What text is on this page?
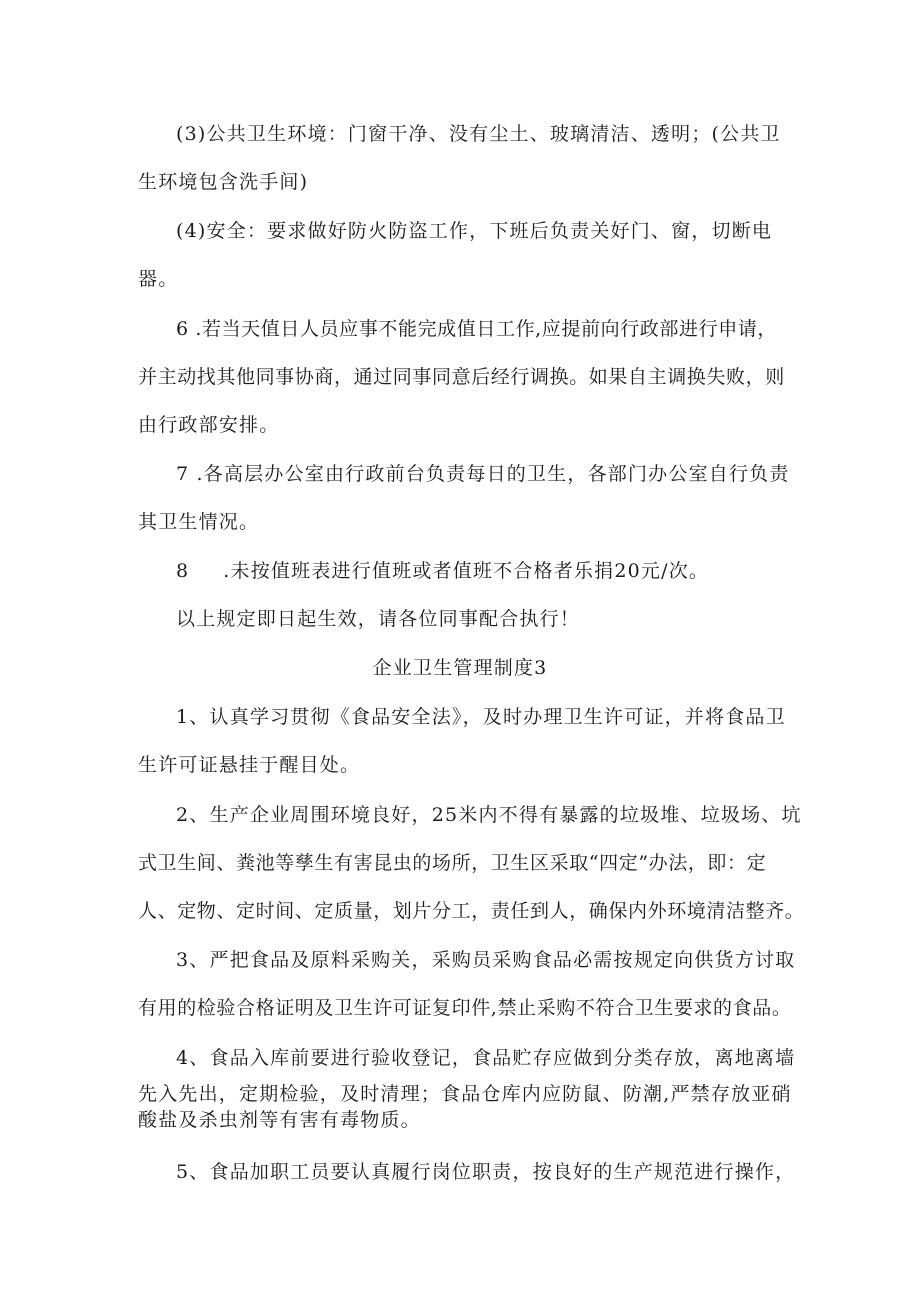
(3)公共卫生环境：门窗干净、没有尘土、玻璃清洁、透明；(公共卫
生环境包含洗手间)
(4)安全：要求做好防火防盗工作，下班后负责关好门、窗，切断电
器。
6 .若当天值日人员应事不能完成值日工作,应提前向行政部进行申请，
并主动找其他同事协商，通过同事同意后经行调换。如果自主调换失败，则
由行政部安排。
7 .各高层办公室由行政前台负责每日的卫生，各部门办公室自行负责
其卫生情况。
8 .未按值班表进行值班或者值班不合格者乐捐20元/次。
以上规定即日起生效，请各位同事配合执行！
企业卫生管理制度3
1、认真学习贯彻《食品安全法》，及时办理卫生许可证，并将食品卫
生许可证悬挂于醒目处。
2、生产企业周围环境良好，25米内不得有暴露的垃圾堆、垃圾场、坑
式卫生间、粪池等孳生有害昆虫的场所，卫生区采取“四定”办法，即：定
人、定物、定时间、定质量，划片分工，责任到人，确保内外环境清洁整齐。
3、严把食品及原料采购关，采购员采购食品必需按规定向供货方讨取
有用的检验合格证明及卫生许可证复印件,禁止采购不符合卫生要求的食品。
4、食品入库前要进行验收登记，食品贮存应做到分类存放，离地离墙
先入先出，定期检验，及时清理；食品仓库内应防鼠、防潮,严禁存放亚硝
酸盐及杀虫剂等有害有毒物质。
5、食品加职工员要认真履行岗位职责，按良好的生产规范进行操作，
